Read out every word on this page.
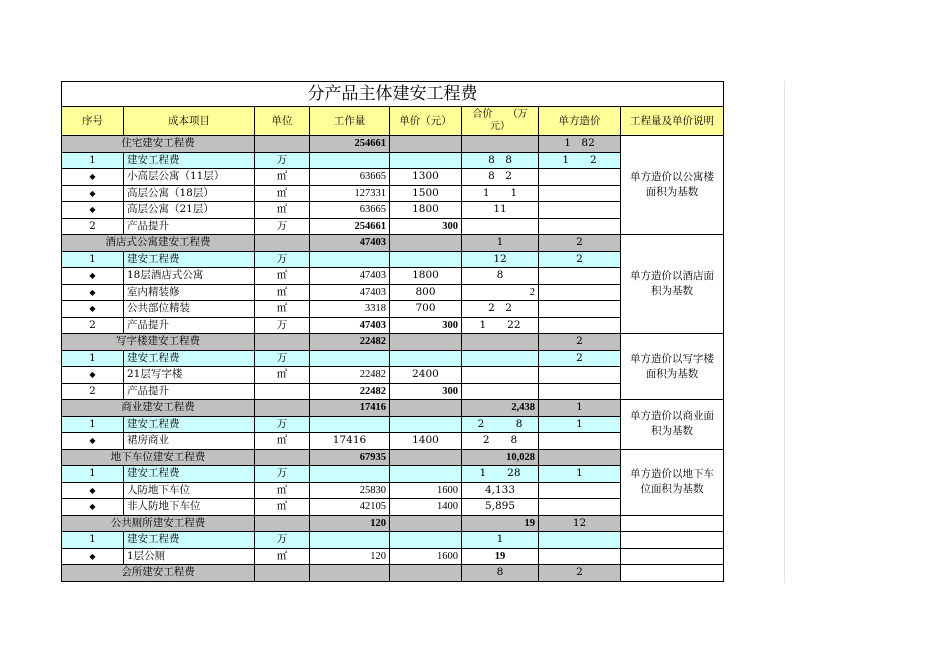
分产品主体建安工程费							
序号	成本项目	单位	工作量	单价（元）	合价　　（万
元）	单方造价	工程量及单价说明
住宅建安工程费			254661			1　82	单方造价以公寓楼面积为基数
1	建安工程费	万			8　8	1　　2	
◆	小高层公寓（11层）	㎡	63665	1300	8　2		
◆	高层公寓（18层）	㎡	127331	1500	1　　1		
◆	高层公寓（21层）	㎡	63665	1800	11		
2	产品提升	万	254661	300			
酒店式公寓建安工程费			47403		1	2	单方造价以酒店面积为基数
1	建安工程费	万			12	2	
◆	18层酒店式公寓	㎡	47403	1800	8		
◆	室内精装修	㎡	47403	800	2		
◆	公共部位精装	㎡	3318	700	2　2		
2	产品提升	万	47403	300	1　　22		
写字楼建安工程费			22482			2	单方造价以写字楼面积为基数
1	建安工程费	万				2	
◆	21层写字楼	㎡	22482	2400			
2	产品提升		22482	300			
商业建安工程费			17416		2,438	1	单方造价以商业面积为基数
1	建安工程费	万			2　　　8	1	
◆	裙房商业	㎡	17416	1400	2　　8		
地下车位建安工程费			67935		10,028		单方造价以地下车位面积为基数
1	建安工程费	万			1　　28	1	
◆	人防地下车位	㎡	25830	1600	4,133		
◆	非人防地下车位	㎡	42105	1400	5,895		
公共厕所建安工程费			120		19	12	
1	建安工程费	万			1		
◆	1层公厕	㎡	120	1600	19		
会所建安工程费					8	2	
